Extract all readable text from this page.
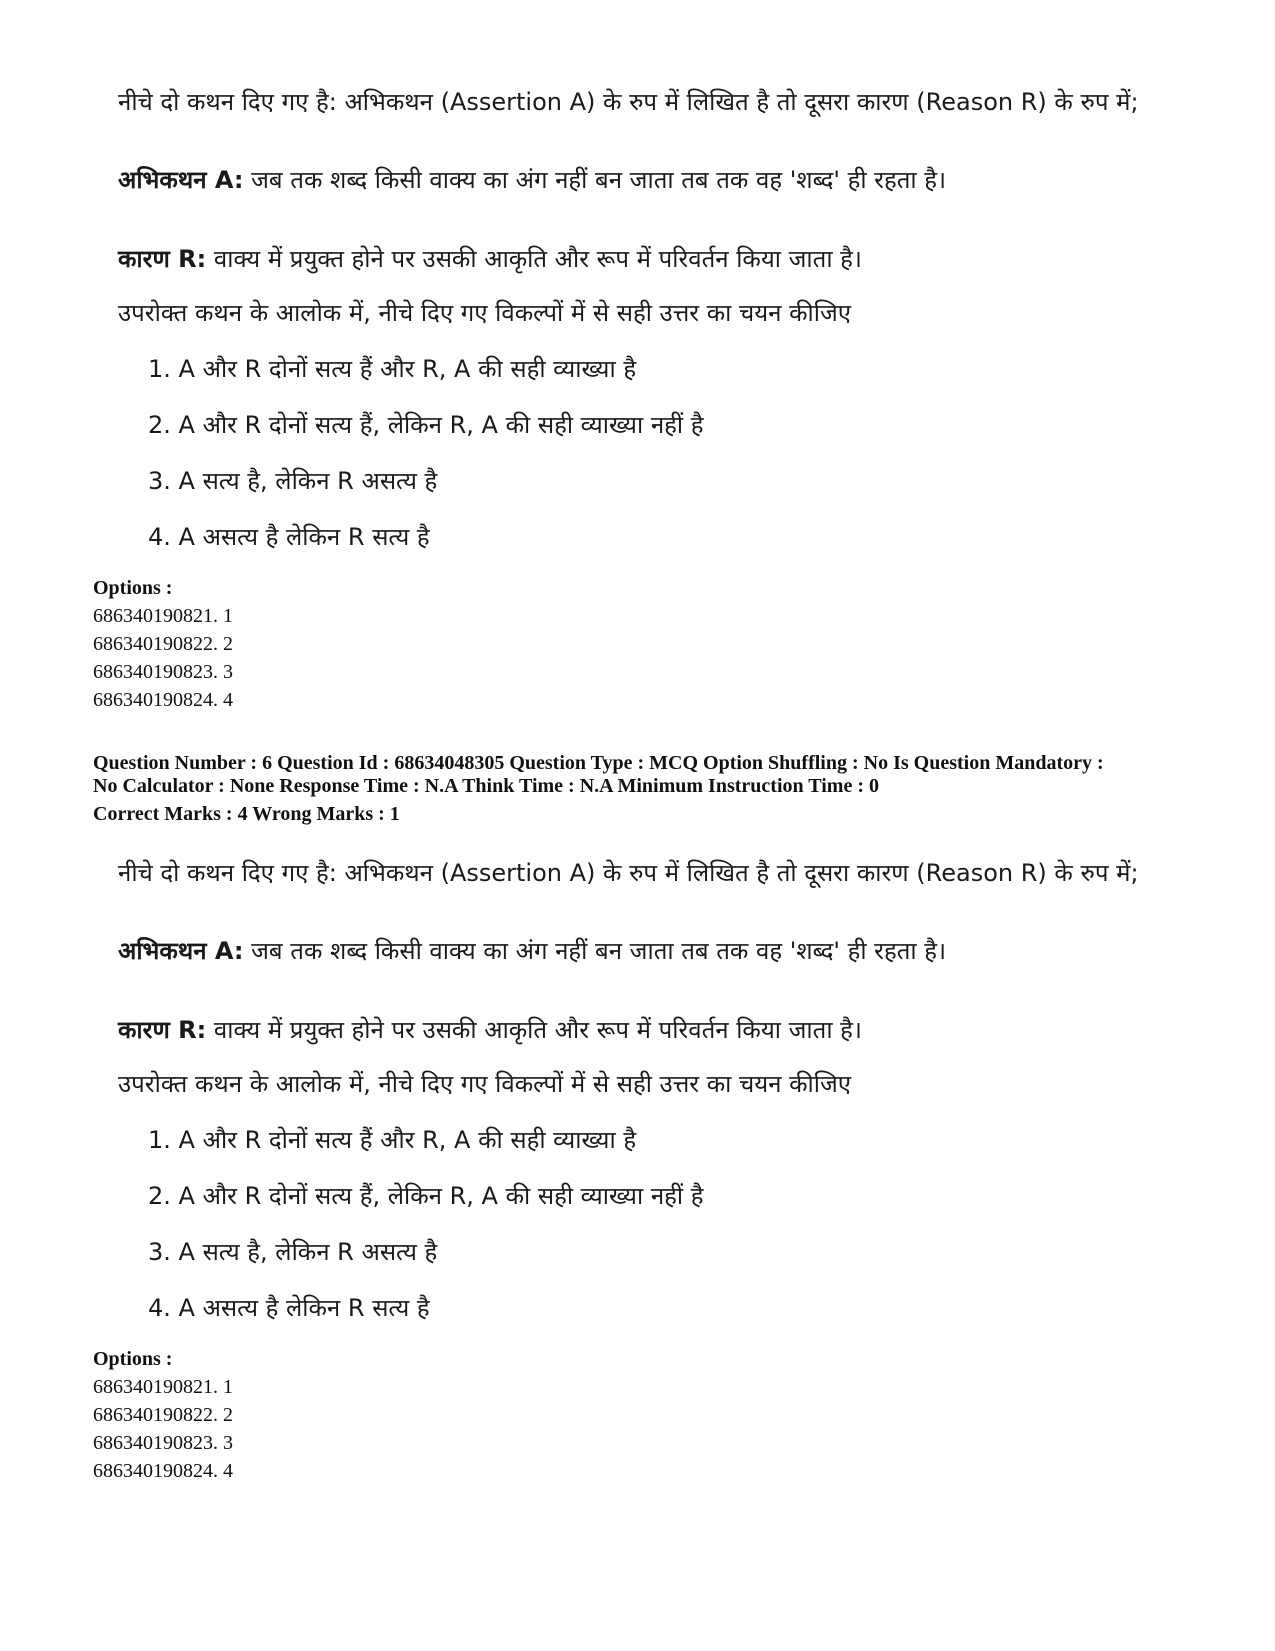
नीचे दो कथन दिए गए है: अभिकथन (Assertion A) के रुप में लिखित है तो दूसरा कारण (Reason R) के रुप में;
अभिकथन A: जब तक शब्द किसी वाक्य का अंग नहीं बन जाता तब तक वह 'शब्द' ही रहता है।
कारण R: वाक्य में प्रयुक्त होने पर उसकी आकृति और रूप में परिवर्तन किया जाता है।
उपरोक्त कथन के आलोक में, नीचे दिए गए विकल्पों में से सही उत्तर का चयन कीजिए
1. A और R दोनों सत्य हैं और R, A की सही व्याख्या है
2. A और R दोनों सत्य हैं, लेकिन R, A की सही व्याख्या नहीं है
3. A सत्य है, लेकिन R असत्य है
4. A असत्य है लेकिन R सत्य है
Options :
686340190821. 1
686340190822. 2
686340190823. 3
686340190824. 4
Question Number : 6 Question Id : 68634048305 Question Type : MCQ Option Shuffling : No Is Question Mandatory :
No Calculator : None Response Time : N.A Think Time : N.A Minimum Instruction Time : 0
Correct Marks : 4 Wrong Marks : 1
नीचे दो कथन दिए गए है: अभिकथन (Assertion A) के रुप में लिखित है तो दूसरा कारण (Reason R) के रुप में;
अभिकथन A: जब तक शब्द किसी वाक्य का अंग नहीं बन जाता तब तक वह 'शब्द' ही रहता है।
कारण R: वाक्य में प्रयुक्त होने पर उसकी आकृति और रूप में परिवर्तन किया जाता है।
उपरोक्त कथन के आलोक में, नीचे दिए गए विकल्पों में से सही उत्तर का चयन कीजिए
1. A और R दोनों सत्य हैं और R, A की सही व्याख्या है
2. A और R दोनों सत्य हैं, लेकिन R, A की सही व्याख्या नहीं है
3. A सत्य है, लेकिन R असत्य है
4. A असत्य है लेकिन R सत्य है
Options :
686340190821. 1
686340190822. 2
686340190823. 3
686340190824. 4
